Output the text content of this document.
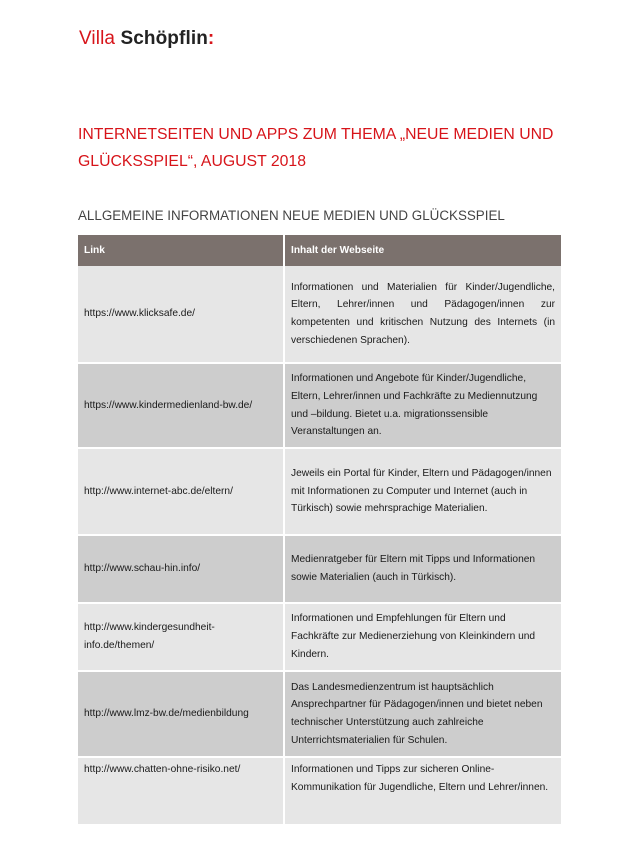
Villa Schöpflin:
INTERNETSEITEN UND APPS ZUM THEMA „NEUE MEDIEN UND GLÜCKSSPIEL“, AUGUST 2018
ALLGEMEINE INFORMATIONEN NEUE MEDIEN UND GLÜCKSSPIEL
Link	Inhalt der Webseite
https://www.klicksafe.de/	Informationen und Materialien für Kinder/Jugendliche, Eltern, Lehrer/innen und Pädagogen/innen zur kompetenten und kritischen Nutzung des Internets (in verschiedenen Sprachen).
https://www.kindermedienland-bw.de/	Informationen und Angebote für Kinder/Jugendliche, Eltern, Lehrer/innen und Fachkräfte zu Mediennutzung und –bildung. Bietet u.a. migrationssensible Veranstaltungen an.
http://www.internet-abc.de/eltern/	Jeweils ein Portal für Kinder, Eltern und Pädagogen/innen mit Informationen zu Computer und Internet (auch in Türkisch) sowie mehrsprachige Materialien.
http://www.schau-hin.info/	Medienratgeber für Eltern mit Tipps und Informationen sowie Materialien (auch in Türkisch).
http://www.kindergesundheit-info.de/themen/	Informationen und Empfehlungen für Eltern und Fachkräfte zur Medienerziehung von Kleinkindern und Kindern.
http://www.lmz-bw.de/medienbildung	Das Landesmedienzentrum ist hauptsächlich Ansprechpartner für Pädagogen/innen und bietet neben technischer Unterstützung auch zahlreiche Unterrichtsmaterialien für Schulen.
http://www.chatten-ohne-risiko.net/	Informationen und Tipps zur sicheren Online-Kommunikation für Jugendliche, Eltern und Lehrer/innen.
